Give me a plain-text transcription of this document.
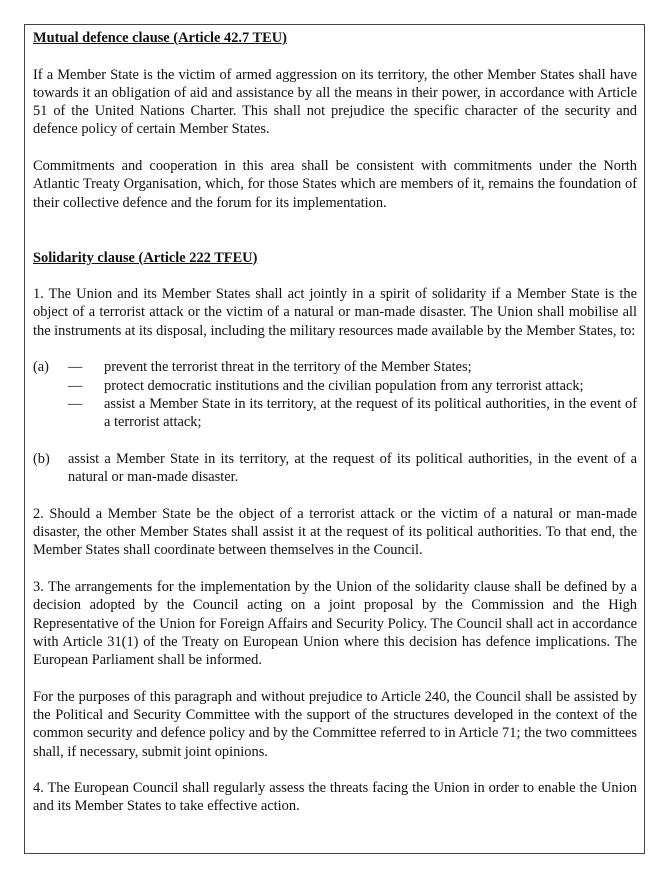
Mutual defence clause (Article 42.7 TEU)

If a Member State is the victim of armed aggression on its territory, the other Member States shall have towards it an obligation of aid and assistance by all the means in their power, in accordance with Article 51 of the United Nations Charter. This shall not prejudice the specific character of the security and defence policy of certain Member States.

Commitments and cooperation in this area shall be consistent with commitments under the North Atlantic Treaty Organisation, which, for those States which are members of it, remains the foundation of their collective defence and the forum for its implementation.

Solidarity clause (Article 222 TFEU)

1. The Union and its Member States shall act jointly in a spirit of solidarity if a Member State is the object of a terrorist attack or the victim of a natural or man-made disaster. The Union shall mobilise all the instruments at its disposal, including the military resources made available by the Member States, to:

(a)	—	prevent the terrorist threat in the territory of the Member States;
—	protect democratic institutions and the civilian population from any terrorist attack;
—	assist a Member State in its territory, at the request of its political authorities, in the event of a terrorist attack;
(b)	assist a Member State in its territory, at the request of its political authorities, in the event of a natural or man-made disaster.

2. Should a Member State be the object of a terrorist attack or the victim of a natural or man-made disaster, the other Member States shall assist it at the request of its political authorities. To that end, the Member States shall coordinate between themselves in the Council.

3. The arrangements for the implementation by the Union of the solidarity clause shall be defined by a decision adopted by the Council acting on a joint proposal by the Commission and the High Representative of the Union for Foreign Affairs and Security Policy. The Council shall act in accordance with Article 31(1) of the Treaty on European Union where this decision has defence implications. The European Parliament shall be informed.

For the purposes of this paragraph and without prejudice to Article 240, the Council shall be assisted by the Political and Security Committee with the support of the structures developed in the context of the common security and defence policy and by the Committee referred to in Article 71; the two committees shall, if necessary, submit joint opinions.

4. The European Council shall regularly assess the threats facing the Union in order to enable the Union and its Member States to take effective action.
